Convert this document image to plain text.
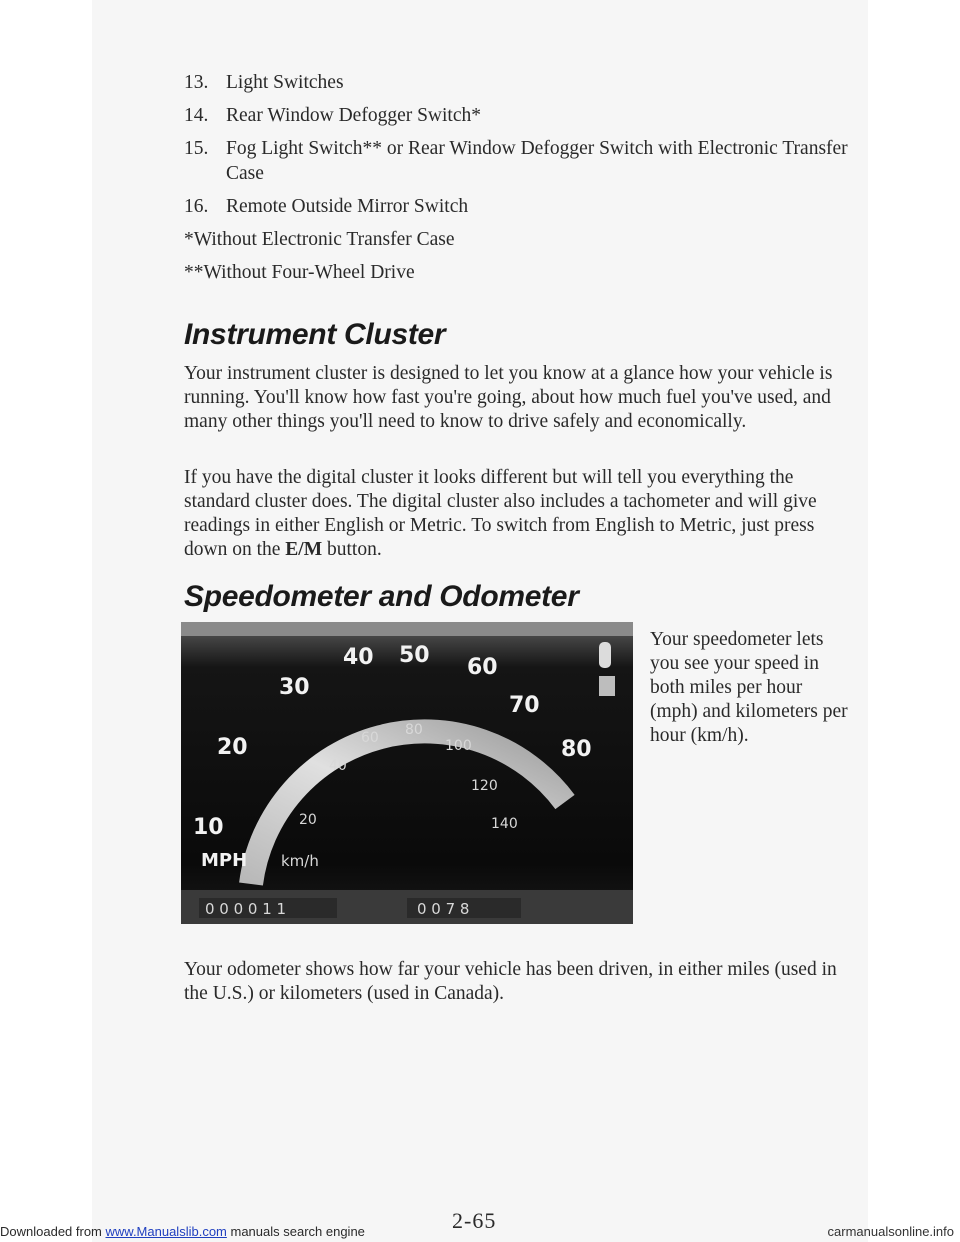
13. Light Switches
14. Rear Window Defogger Switch*
15. Fog Light Switch** or Rear Window Defogger Switch with Electronic Transfer Case
16. Remote Outside Mirror Switch
*Without Electronic Transfer Case
**Without Four-Wheel Drive
Instrument Cluster

Your instrument cluster is designed to let you know at a glance how your vehicle is running. You'll know how fast you're going, about how much fuel you've used, and many other things you'll need to know to drive safely and economically.

If you have the digital cluster it looks different but will tell you everything the standard cluster does. The digital cluster also includes a tachometer and will give readings in either English or Metric. To switch from English to Metric, just press down on the E/M button.

Speedometer and Odometer
10
20
30
40 50 60
70
80
20
40
60 80
100
120
140
MPH km/h
0 0 0 0 1 1	0 0 7 8

Your speedometer lets you see your speed in both miles per hour (mph) and kilometers per hour (km/h).

Your odometer shows how far your vehicle has been driven, in either miles (used in the U.S.) or kilometers (used in Canada).

2-65
Downloaded from www.Manualslib.com manuals search engine	carmanualsonline.info
